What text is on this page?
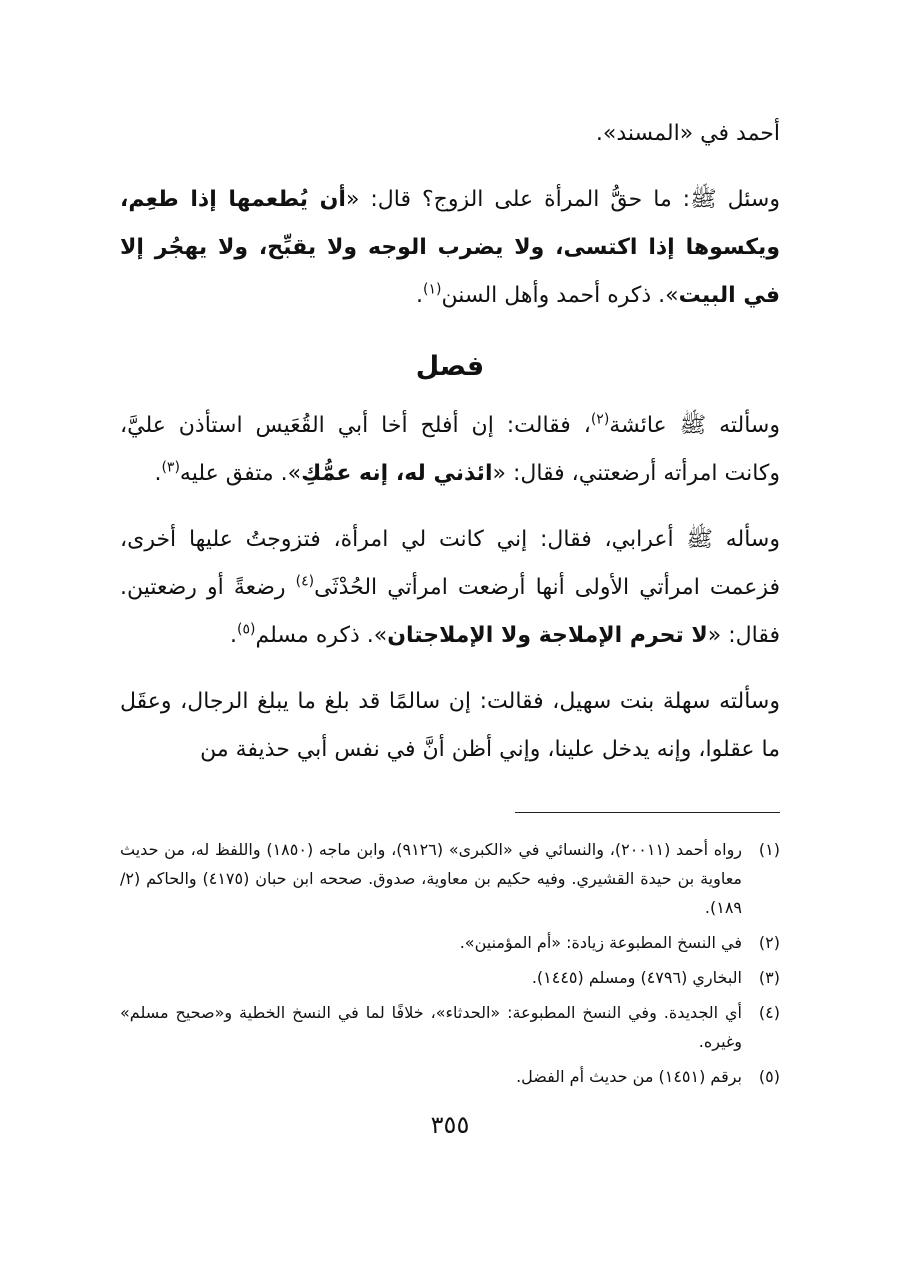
أحمد في «المسند».

وسئل ﷺ: ما حقُّ المرأة على الزوج؟ قال: «أن يُطعمها إذا طعِم، ويكسوها إذا اكتسى، ولا يضرب الوجه ولا يقبِّح، ولا يهجُر إلا في البيت». ذكره أحمد وأهل السنن$^{(١)}$.

فصل

وسألته ﷺ عائشة$^{(٢)}$، فقالت: إن أفلح أخا أبي القُعَيس استأذن عليَّ، وكانت امرأته أرضعتني، فقال: «ائذني له، إنه عمُّكِ». متفق عليه$^{(٣)}$.

وسأله ﷺ أعرابي، فقال: إني كانت لي امرأة، فتزوجتُ عليها أخرى، فزعمت امرأتي الأولى أنها أرضعت امرأتي الحُدْثَى$^{(٤)}$ رضعةً أو رضعتين. فقال: «لا تحرم الإملاجة ولا الإملاجتان». ذكره مسلم$^{(٥)}$.

وسألته سهلة بنت سهيل، فقالت: إن سالمًا قد بلغ ما يبلغ الرجال، وعقَل ما عقلوا، وإنه يدخل علينا، وإني أظن أنَّ في نفس أبي حذيفة من

(١)
رواه أحمد (٢٠٠١١)، والنسائي في «الكبرى» (٩١٢٦)، وابن ماجه (١٨٥٠) واللفظ له، من حديث معاوية بن حيدة القشيري. وفيه حكيم بن معاوية، صدوق. صححه ابن حبان (٤١٧٥) والحاكم (٢/ ١٨٩).
(٢)
في النسخ المطبوعة زيادة: «أم المؤمنين».
(٣)
البخاري (٤٧٩٦) ومسلم (١٤٤٥).
(٤)
أي الجديدة. وفي النسخ المطبوعة: «الحدثاء»، خلافًا لما في النسخ الخطية و«صحيح مسلم» وغيره.
(٥)
برقم (١٤٥١) من حديث أم الفضل.
٣٥٥
